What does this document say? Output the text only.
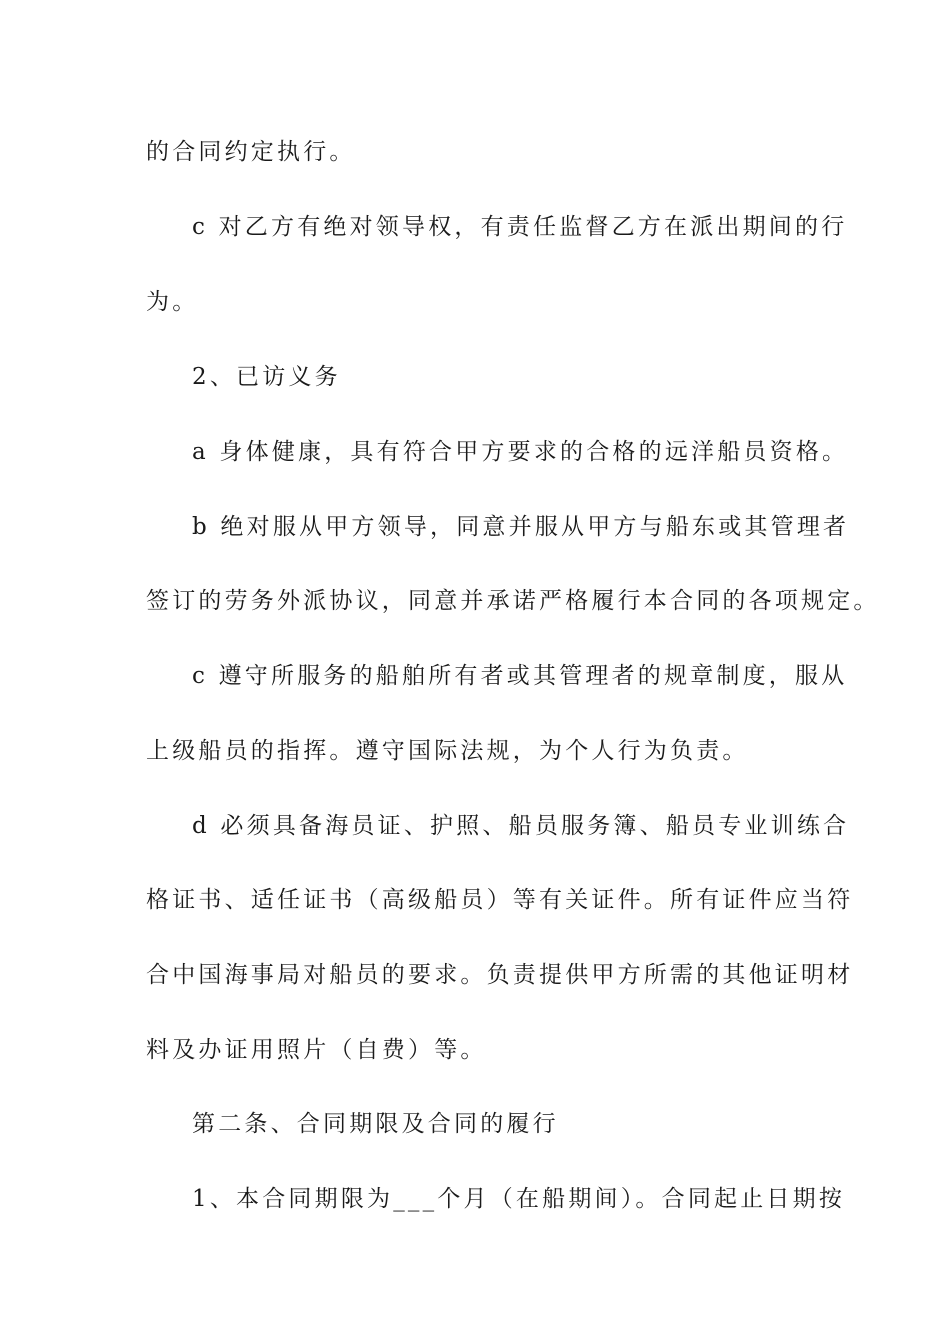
的合同约定执行。
c 对乙方有绝对领导权，有责任监督乙方在派出期间的行
为。
2、已访义务
a 身体健康，具有符合甲方要求的合格的远洋船员资格。
b 绝对服从甲方领导，同意并服从甲方与船东或其管理者
签订的劳务外派协议，同意并承诺严格履行本合同的各项规定。
c 遵守所服务的船舶所有者或其管理者的规章制度，服从
上级船员的指挥。遵守国际法规，为个人行为负责。
d 必须具备海员证、护照、船员服务簿、船员专业训练合
格证书、适任证书（高级船员）等有关证件。所有证件应当符
合中国海事局对船员的要求。负责提供甲方所需的其他证明材
料及办证用照片（自费）等。
第二条、合同期限及合同的履行
1、本合同期限为___个月（在船期间）。合同起止日期按
